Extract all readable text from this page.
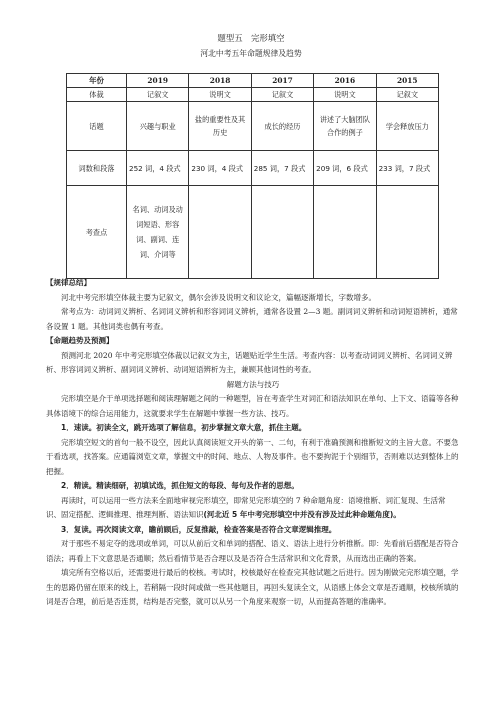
题型五　完形填空
河北中考五年命题规律及趋势
年份	2019	2018	2017	2016	2015
体裁	记叙文	说明文	记叙文	说明文	记叙文
话题	兴趣与职业	盐的重要性及其历史	成长的经历	讲述了大脑团队合作的例子	学会释放压力
词数和段落	252 词，4 段式	230 词，4 段式	285 词，7 段式	209 词，6 段式	233 词，7 段式
考查点	名词、动词及动词短语、形容词、副词、连词、介词等				

【规律总结】

河北中考完形填空体裁主要为记叙文，偶尔会涉及说明文和议论文，篇幅逐渐增长，字数增多。

常考点为：动词词义辨析、名词词义辨析和形容词词义辨析，通常各设置 2—3 题。副词词义辨析和动词短语辨析，通常各设置 1 题。其他词类也偶有考查。

【命题趋势及预测】

预测河北 2020 年中考完形填空体裁以记叙文为主，话题贴近学生生活。考查内容：以考查动词词义辨析、名词词义辨析、形容词词义辨析、副词词义辨析、动词短语辨析为主，兼顾其他词性的考查。

解题方法与技巧

完形填空是介于单项选择题和阅读理解题之间的一种题型，旨在考查学生对词汇和语法知识在单句、上下文、语篇等各种具体语境下的综合运用能力，这就要求学生在解题中掌握一些方法、技巧。

1．速读。初读全文，跳开选项了解信息，初步掌握文章大意，抓住主题。

完形填空短文的首句一般不设空，因此认真阅读短文开头的第一、二句，有利于准确预测和推断短文的主旨大意。不要急于看选项，找答案。应通篇浏览文章，掌握文中的时间、地点、人物及事件。也不要拘泥于个别细节，否则难以达到整体上的把握。

2．精读。精读细研，初填试选，抓住短文的每段、每句及作者的思想。

再读时，可以运用一些方法来全面地审视完形填空，即常见完形填空的 7 种命题角度：语境推断、词汇复现、生活常识、固定搭配、逻辑推理、推理判断、语法知识(河北近 5 年中考完形填空中并没有涉及过此种命题角度)。

3．复读。再次阅读文章，瞻前顾后，反复推敲，检查答案是否符合文章逻辑推理。

对于那些不易定夺的选项或单词，可以从前后文和单词的搭配、语义、语法上进行分析推断。即：先看前后搭配是否符合语法；再看上下文意思是否通顺；然后看情节是否合理以及是否符合生活常识和文化背景，从而选出正确的答案。

填完所有空格以后，还需要进行最后的校核。考试时，校核最好在检查完其他试题之后进行。因为刚做完完形填空题，学生的思路仍留在原来的线上，若稍隔一段时间或做一些其他题目，再回头复读全文，从语感上体会文章是否通顺，校核所填的词是否合理，前后是否连贯，结构是否完整，就可以从另一个角度来观察一切，从而提高答题的准确率。
